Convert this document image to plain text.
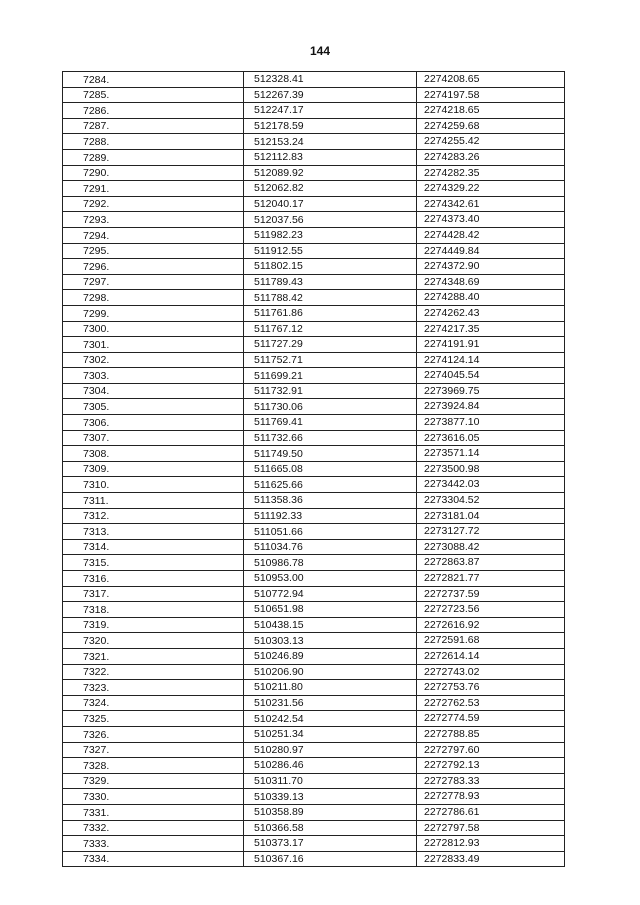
144
7284.	512328.41	2274208.65
7285.	512267.39	2274197.58
7286.	512247.17	2274218.65
7287.	512178.59	2274259.68
7288.	512153.24	2274255.42
7289.	512112.83	2274283.26
7290.	512089.92	2274282.35
7291.	512062.82	2274329.22
7292.	512040.17	2274342.61
7293.	512037.56	2274373.40
7294.	511982.23	2274428.42
7295.	511912.55	2274449.84
7296.	511802.15	2274372.90
7297.	511789.43	2274348.69
7298.	511788.42	2274288.40
7299.	511761.86	2274262.43
7300.	511767.12	2274217.35
7301.	511727.29	2274191.91
7302.	511752.71	2274124.14
7303.	511699.21	2274045.54
7304.	511732.91	2273969.75
7305.	511730.06	2273924.84
7306.	511769.41	2273877.10
7307.	511732.66	2273616.05
7308.	511749.50	2273571.14
7309.	511665.08	2273500.98
7310.	511625.66	2273442.03
7311.	511358.36	2273304.52
7312.	511192.33	2273181.04
7313.	511051.66	2273127.72
7314.	511034.76	2273088.42
7315.	510986.78	2272863.87
7316.	510953.00	2272821.77
7317.	510772.94	2272737.59
7318.	510651.98	2272723.56
7319.	510438.15	2272616.92
7320.	510303.13	2272591.68
7321.	510246.89	2272614.14
7322.	510206.90	2272743.02
7323.	510211.80	2272753.76
7324.	510231.56	2272762.53
7325.	510242.54	2272774.59
7326.	510251.34	2272788.85
7327.	510280.97	2272797.60
7328.	510286.46	2272792.13
7329.	510311.70	2272783.33
7330.	510339.13	2272778.93
7331.	510358.89	2272786.61
7332.	510366.58	2272797.58
7333.	510373.17	2272812.93
7334.	510367.16	2272833.49
